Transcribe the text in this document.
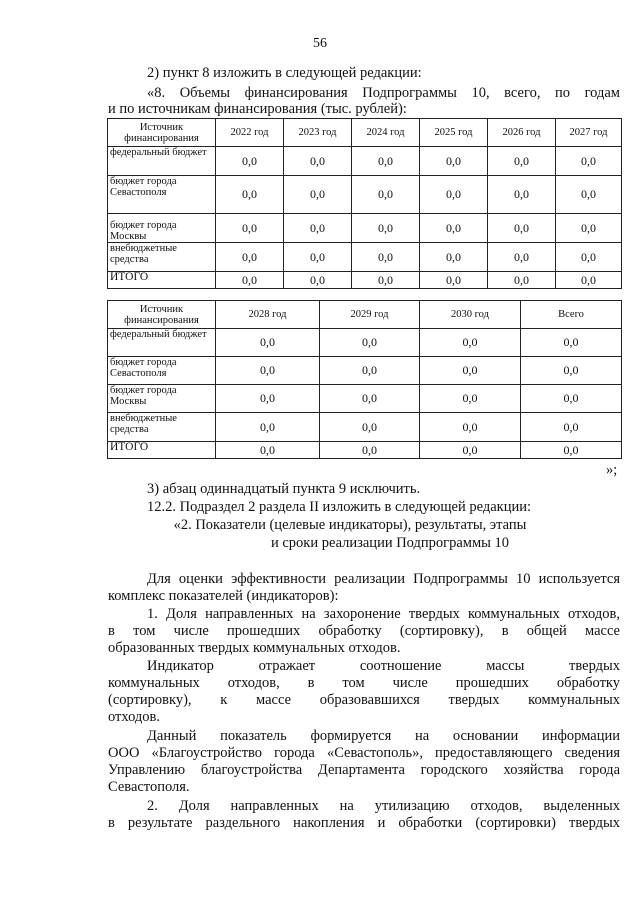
56
2) пункт 8 изложить в следующей редакции:
«8. Объемы финансирования Подпрограммы 10, всего, по годам
и по источникам финансирования (тыс. рублей):
Источник финансирования	2022 год	2023 год	2024 год	2025 год	2026 год	2027 год
федеральный бюджет	0,0	0,0	0,0	0,0	0,0	0,0
бюджет города Севастополя	0,0	0,0	0,0	0,0	0,0	0,0
бюджет города Москвы	0,0	0,0	0,0	0,0	0,0	0,0
внебюджетные средства	0,0	0,0	0,0	0,0	0,0	0,0
ИТОГО	0,0	0,0	0,0	0,0	0,0	0,0
Источник финансирования	2028 год	2029 год	2030 год	Всего
федеральный бюджет	0,0	0,0	0,0	0,0
бюджет города Севастополя	0,0	0,0	0,0	0,0
бюджет города Москвы	0,0	0,0	0,0	0,0
внебюджетные средства	0,0	0,0	0,0	0,0
ИТОГО	0,0	0,0	0,0	0,0
»;
3) абзац одиннадцатый пункта 9 исключить.
12.2. Подраздел 2 раздела II изложить в следующей редакции:
«2. Показатели (целевые индикаторы), результаты, этапы
и сроки реализации Подпрограммы 10
Для оценки эффективности реализации Подпрограммы 10 используется
комплекс показателей (индикаторов):
1. Доля направленных на захоронение твердых коммунальных отходов,
в том числе прошедших обработку (сортировку), в общей массе
образованных твердых коммунальных отходов.
Индикатор отражает соотношение массы твердых
коммунальных отходов, в том числе прошедших обработку
(сортировку), к массе образовавшихся твердых коммунальных
отходов.
Данный показатель формируется на основании информации
ООО «Благоустройство города «Севастополь», предоставляющего сведения
Управлению благоустройства Департамента городского хозяйства города
Севастополя.
2. Доля направленных на утилизацию отходов, выделенных
в результате раздельного накопления и обработки (сортировки) твердых
